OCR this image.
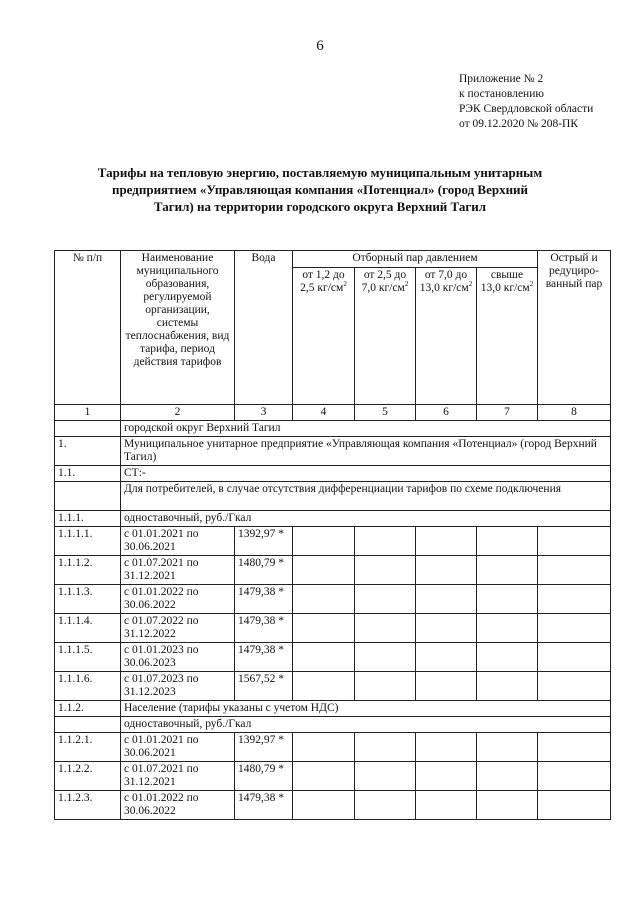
6
Приложение № 2
к постановлению
РЭК Свердловской области
от 09.12.2020 № 208-ПК
Тарифы на тепловую энергию, поставляемую муниципальным унитарным
предприятием «Управляющая компания «Потенциал» (город Верхний
Тагил) на территории городского округа Верхний Тагил
№ п/п	Наименование муниципального образования, регулируемой организации, системы теплоснабжения, вид тарифа, период действия тарифов	Вода	Отборный пар давлением				Острый и редуциро-ванный пар
			от 1,2 до 2,5 $кг/см^2$	от 2,5 до 7,0 $кг/см^2$	от 7,0 до 13,0 $кг/см^2$	свыше 13,0 $кг/см^2$
1	2	3	4	5	6	7	8
	городской округ Верхний Тагил						
1.	Муниципальное унитарное предприятие «Управляющая компания «Потенциал» (город Верхний Тагил)						
1.1.	СТ:-						
	Для потребителей, в случае отсутствия дифференциации тарифов по схеме подключения						
1.1.1.	одноставочный, руб./Гкал						
1.1.1.1.	с 01.01.2021 по 30.06.2021	1392,97 *					
1.1.1.2.	с 01.07.2021 по 31.12.2021	1480,79 *					
1.1.1.3.	с 01.01.2022 по 30.06.2022	1479,38 *					
1.1.1.4.	с 01.07.2022 по 31.12.2022	1479,38 *					
1.1.1.5.	с 01.01.2023 по 30.06.2023	1479,38 *					
1.1.1.6.	с 01.07.2023 по 31.12.2023	1567,52 *					
1.1.2.	Население (тарифы указаны с учетом НДС)						
	одноставочный, руб./Гкал						
1.1.2.1.	с 01.01.2021 по 30.06.2021	1392,97 *					
1.1.2.2.	с 01.07.2021 по 31.12.2021	1480,79 *					
1.1.2.3.	с 01.01.2022 по 30.06.2022	1479,38 *					
